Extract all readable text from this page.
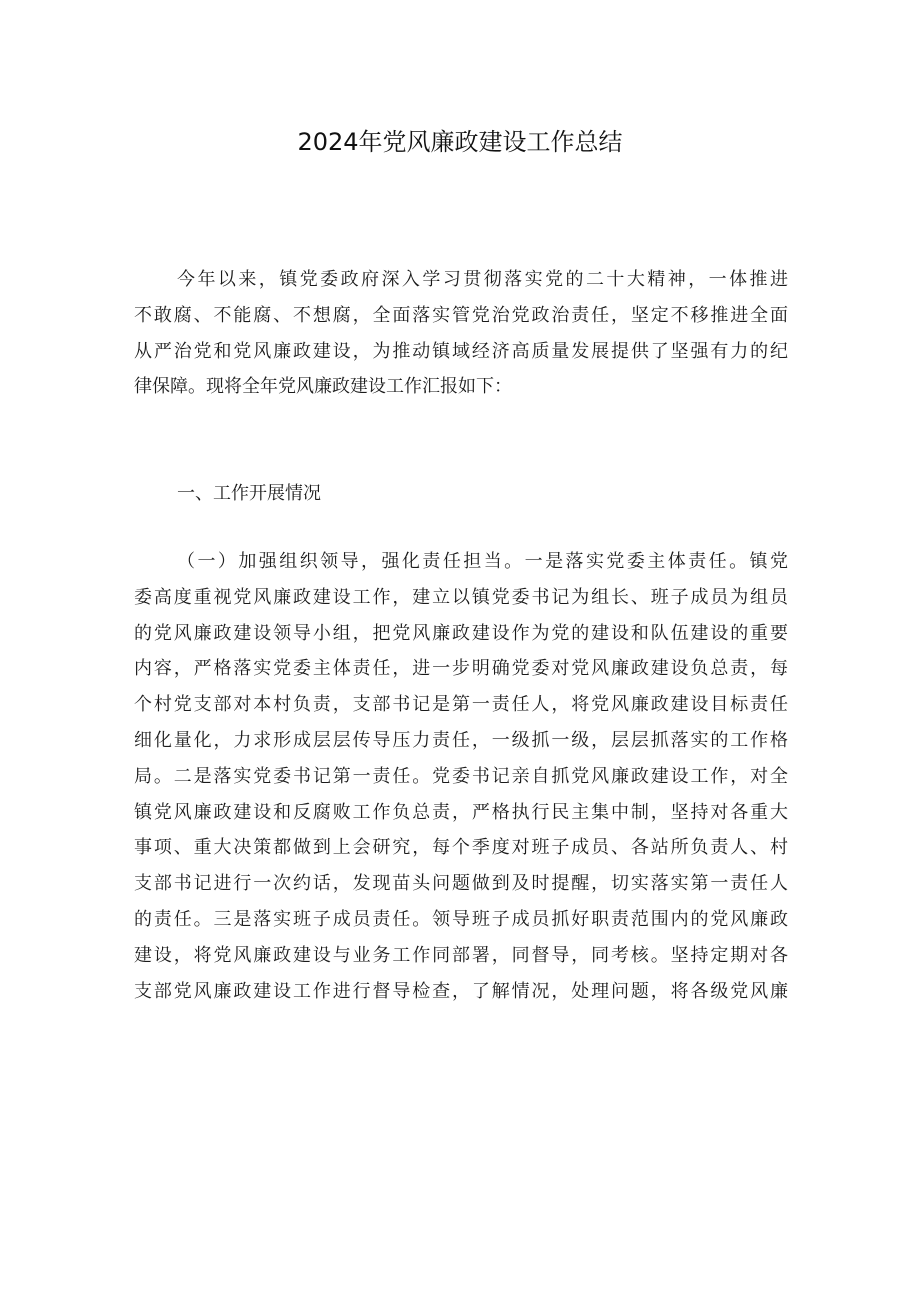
2024年党风廉政建设工作总结
今年以来，镇党委政府深入学习贯彻落实党的二十大精神，一体推进
不敢腐、不能腐、不想腐，全面落实管党治党政治责任，坚定不移推进全面
从严治党和党风廉政建设，为推动镇域经济高质量发展提供了坚强有力的纪
律保障。现将全年党风廉政建设工作汇报如下：
一、工作开展情况
（一）加强组织领导，强化责任担当。一是落实党委主体责任。镇党
委高度重视党风廉政建设工作，建立以镇党委书记为组长、班子成员为组员
的党风廉政建设领导小组，把党风廉政建设作为党的建设和队伍建设的重要
内容，严格落实党委主体责任，进一步明确党委对党风廉政建设负总责，每
个村党支部对本村负责，支部书记是第一责任人，将党风廉政建设目标责任
细化量化，力求形成层层传导压力责任，一级抓一级，层层抓落实的工作格
局。二是落实党委书记第一责任。党委书记亲自抓党风廉政建设工作，对全
镇党风廉政建设和反腐败工作负总责，严格执行民主集中制，坚持对各重大
事项、重大决策都做到上会研究，每个季度对班子成员、各站所负责人、村
支部书记进行一次约话，发现苗头问题做到及时提醒，切实落实第一责任人
的责任。三是落实班子成员责任。领导班子成员抓好职责范围内的党风廉政
建设，将党风廉政建设与业务工作同部署，同督导，同考核。坚持定期对各
支部党风廉政建设工作进行督导检查，了解情况，处理问题，将各级党风廉
